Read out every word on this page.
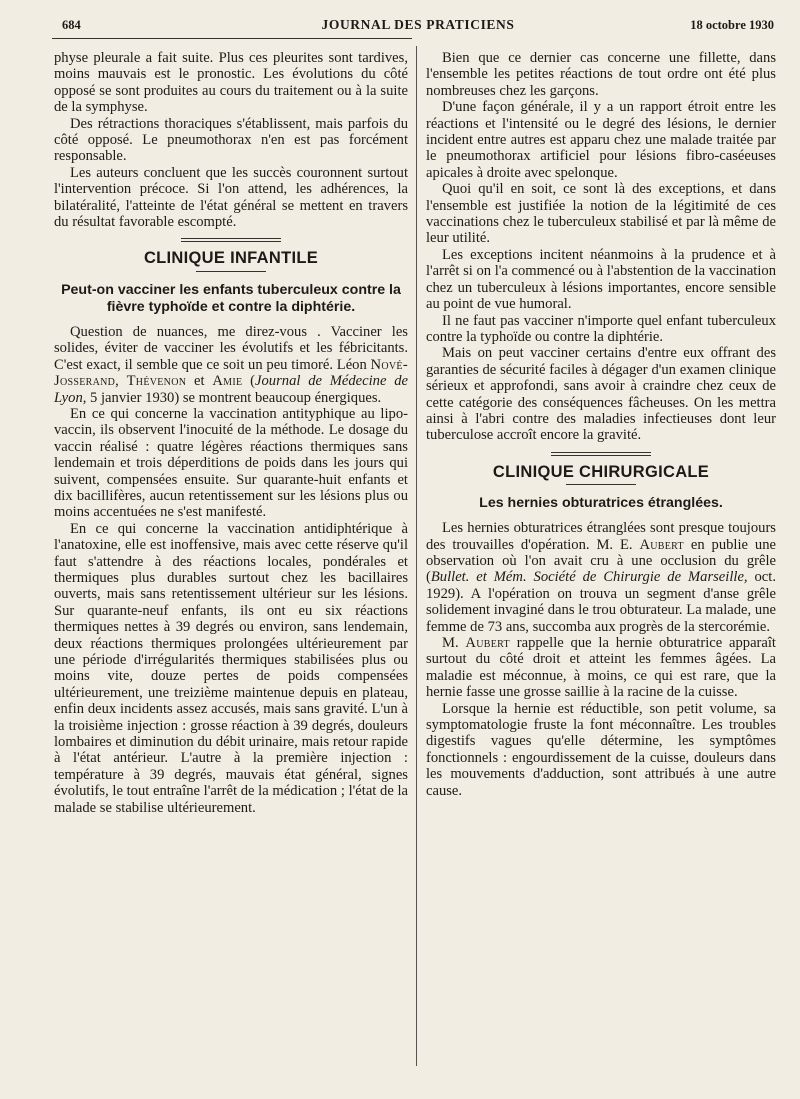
684	JOURNAL DES PRATICIENS	18 octobre 1930

physe pleurale a fait suite. Plus ces pleurites sont tardives, moins mauvais est le pronostic. Les évolutions du côté opposé se sont produites au cours du traitement ou à la suite de la symphyse.

Des rétractions thoraciques s'établissent, mais parfois du côté opposé. Le pneumothorax n'en est pas forcément responsable.

Les auteurs concluent que les succès couronnent surtout l'intervention précoce. Si l'on attend, les adhérences, la bilatéralité, l'atteinte de l'état général se mettent en travers du résultat favorable escompté.

CLINIQUE INFANTILE
Peut-on vacciner les enfants tuberculeux contre la fièvre typhoïde et contre la diphtérie.

Question de nuances, me direz-vous . Vacciner les solides, éviter de vacciner les évolutifs et les fébricitants. C'est exact, il semble que ce soit un peu timoré. Léon Nové-Josserand, Thévenon et Amie (Journal de Médecine de Lyon, 5 janvier 1930) se montrent beaucoup énergiques.

En ce qui concerne la vaccination antityphique au lipo-vaccin, ils observent l'inocuité de la méthode. Le dosage du vaccin réalisé : quatre légères réactions thermiques sans lendemain et trois déperditions de poids dans les jours qui suivent, compensées ensuite. Sur quarante-huit enfants et dix bacillifères, aucun retentissement sur les lésions plus ou moins accentuées ne s'est manifesté.

En ce qui concerne la vaccination antidiphtérique à l'anatoxine, elle est inoffensive, mais avec cette réserve qu'il faut s'attendre à des réactions locales, pondérales et thermiques plus durables surtout chez les bacillaires ouverts, mais sans retentissement ultérieur sur les lésions. Sur quarante-neuf enfants, ils ont eu six réactions thermiques nettes à 39 degrés ou environ, sans lendemain, deux réactions thermiques prolongées ultérieurement par une période d'irrégularités thermiques stabilisées plus ou moins vite, douze pertes de poids compensées ultérieurement, une treizième maintenue depuis en plateau, enfin deux incidents assez accusés, mais sans gravité. L'un à la troisième injection : grosse réaction à 39 degrés, douleurs lombaires et diminution du débit urinaire, mais retour rapide à l'état antérieur. L'autre à la première injection : température à 39 degrés, mauvais état général, signes évolutifs, le tout entraîne l'arrêt de la médication ; l'état de la malade se stabilise ultérieurement.

Bien que ce dernier cas concerne une fillette, dans l'ensemble les petites réactions de tout ordre ont été plus nombreuses chez les garçons.

D'une façon générale, il y a un rapport étroit entre les réactions et l'intensité ou le degré des lésions, le dernier incident entre autres est apparu chez une malade traitée par le pneumothorax artificiel pour lésions fibro-caséeuses apicales à droite avec spelonque.

Quoi qu'il en soit, ce sont là des exceptions, et dans l'ensemble est justifiée la notion de la légitimité de ces vaccinations chez le tuberculeux stabilisé et par là même de leur utilité.

Les exceptions incitent néanmoins à la prudence et à l'arrêt si on l'a commencé ou à l'abstention de la vaccination chez un tuberculeux à lésions importantes, encore sensible au point de vue humoral.

Il ne faut pas vacciner n'importe quel enfant tuberculeux contre la typhoïde ou contre la diphtérie.

Mais on peut vacciner certains d'entre eux offrant des garanties de sécurité faciles à dégager d'un examen clinique sérieux et approfondi, sans avoir à craindre chez ceux de cette catégorie des conséquences fâcheuses. On les mettra ainsi à l'abri contre des maladies infectieuses dont leur tuberculose accroît encore la gravité.

CLINIQUE CHIRURGICALE
Les hernies obturatrices étranglées.

Les hernies obturatrices étranglées sont presque toujours des trouvailles d'opération. M. E. Aubert en publie une observation où l'on avait cru à une occlusion du grêle (Bullet. et Mém. Société de Chirurgie de Marseille, oct. 1929). A l'opération on trouva un segment d'anse grêle solidement invaginé dans le trou obturateur. La malade, une femme de 73 ans, succomba aux progrès de la stercorémie.

M. Aubert rappelle que la hernie obturatrice apparaît surtout du côté droit et atteint les femmes âgées. La maladie est méconnue, à moins, ce qui est rare, que la hernie fasse une grosse saillie à la racine de la cuisse.

Lorsque la hernie est réductible, son petit volume, sa symptomatologie fruste la font méconnaître. Les troubles digestifs vagues qu'elle détermine, les symptômes fonctionnels : engourdissement de la cuisse, douleurs dans les mouvements d'adduction, sont attribués à une autre cause.
